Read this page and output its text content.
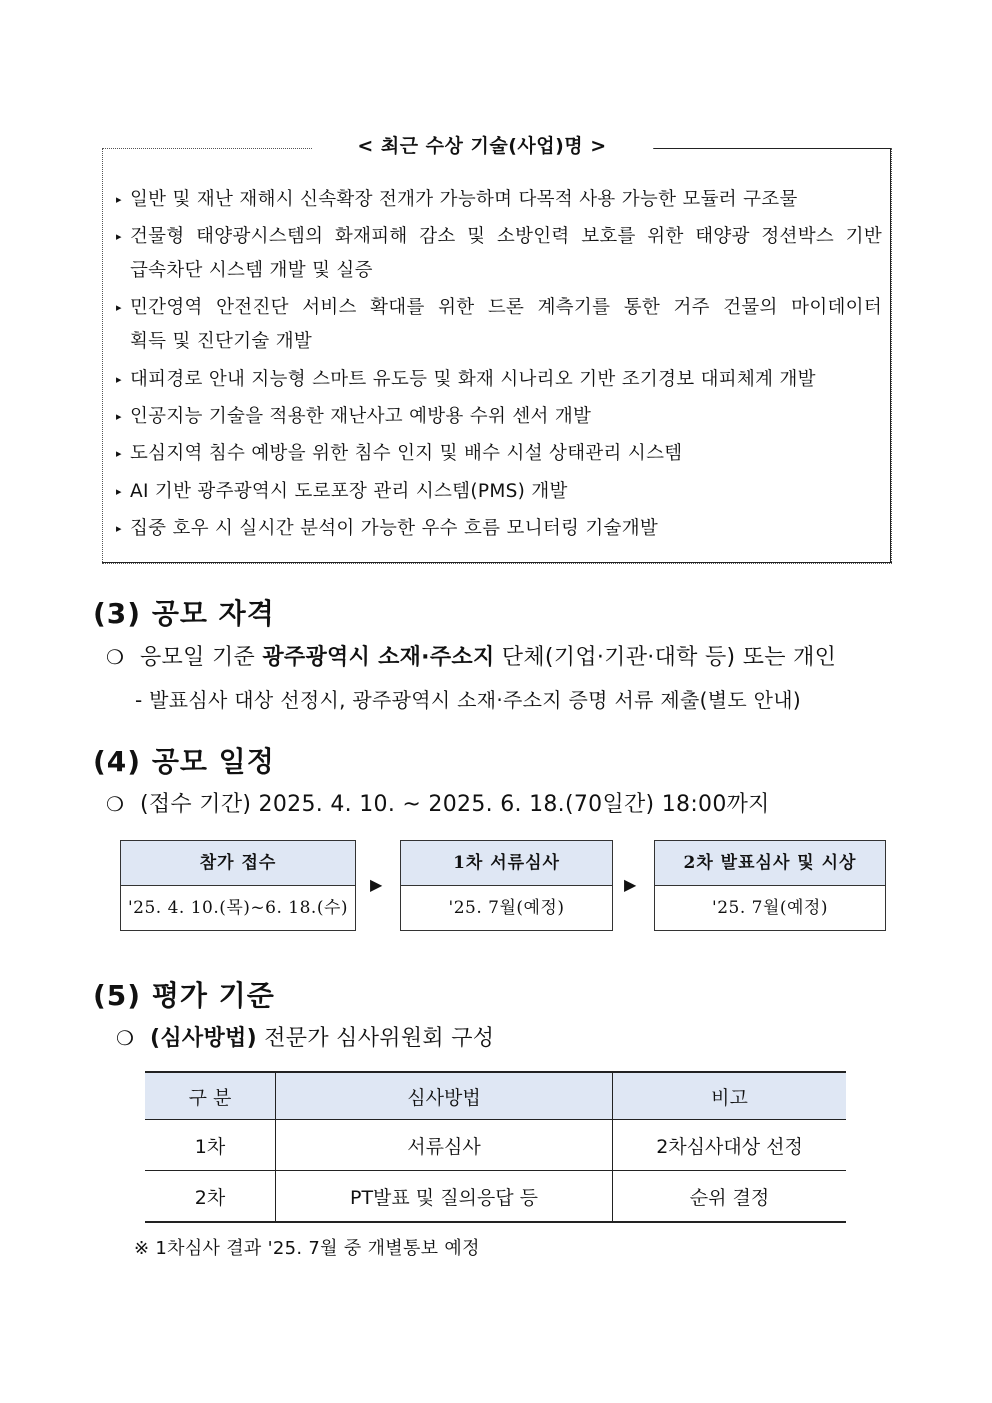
< 최근 수상 기술(사업)명 >
▸ 일반 및 재난 재해시 신속확장 전개가 가능하며 다목적 사용 가능한 모듈러 구조물
▸ 건물형 태양광시스템의 화재피해 감소 및 소방인력 보호를 위한 태양광 정션박스 기반
급속차단 시스템 개발 및 실증
▸ 민간영역 안전진단 서비스 확대를 위한 드론 계측기를 통한 거주 건물의 마이데이터
획득 및 진단기술 개발
▸ 대피경로 안내 지능형 스마트 유도등 및 화재 시나리오 기반 조기경보 대피체계 개발
▸ 인공지능 기술을 적용한 재난사고 예방용 수위 센서 개발
▸ 도심지역 침수 예방을 위한 침수 인지 및 배수 시설 상태관리 시스템
▸ AI 기반 광주광역시 도로포장 관리 시스템(PMS) 개발
▸ 집중 호우 시 실시간 분석이 가능한 우수 흐름 모니터링 기술개발
(3) 공모 자격
❍ 응모일 기준 광주광역시 소재·주소지 단체(기업·기관·대학 등) 또는 개인
- 발표심사 대상 선정시, 광주광역시 소재·주소지 증명 서류 제출(별도 안내)
(4) 공모 일정
❍ (접수 기간) 2025. 4. 10. ~ 2025. 6. 18.(70일간) 18:00까지
참가 접수
'25. 4. 10.(목)~6. 18.(수)
▶
1차 서류심사
'25. 7월(예정)
▶
2차 발표심사 및 시상
'25. 7월(예정)
(5) 평가 기준
❍ (심사방법) 전문가 심사위원회 구성
구 분	심사방법	비고
1차	서류심사	2차심사대상 선정
2차	PT발표 및 질의응답 등	순위 결정
※ 1차심사 결과 '25. 7월 중 개별통보 예정
